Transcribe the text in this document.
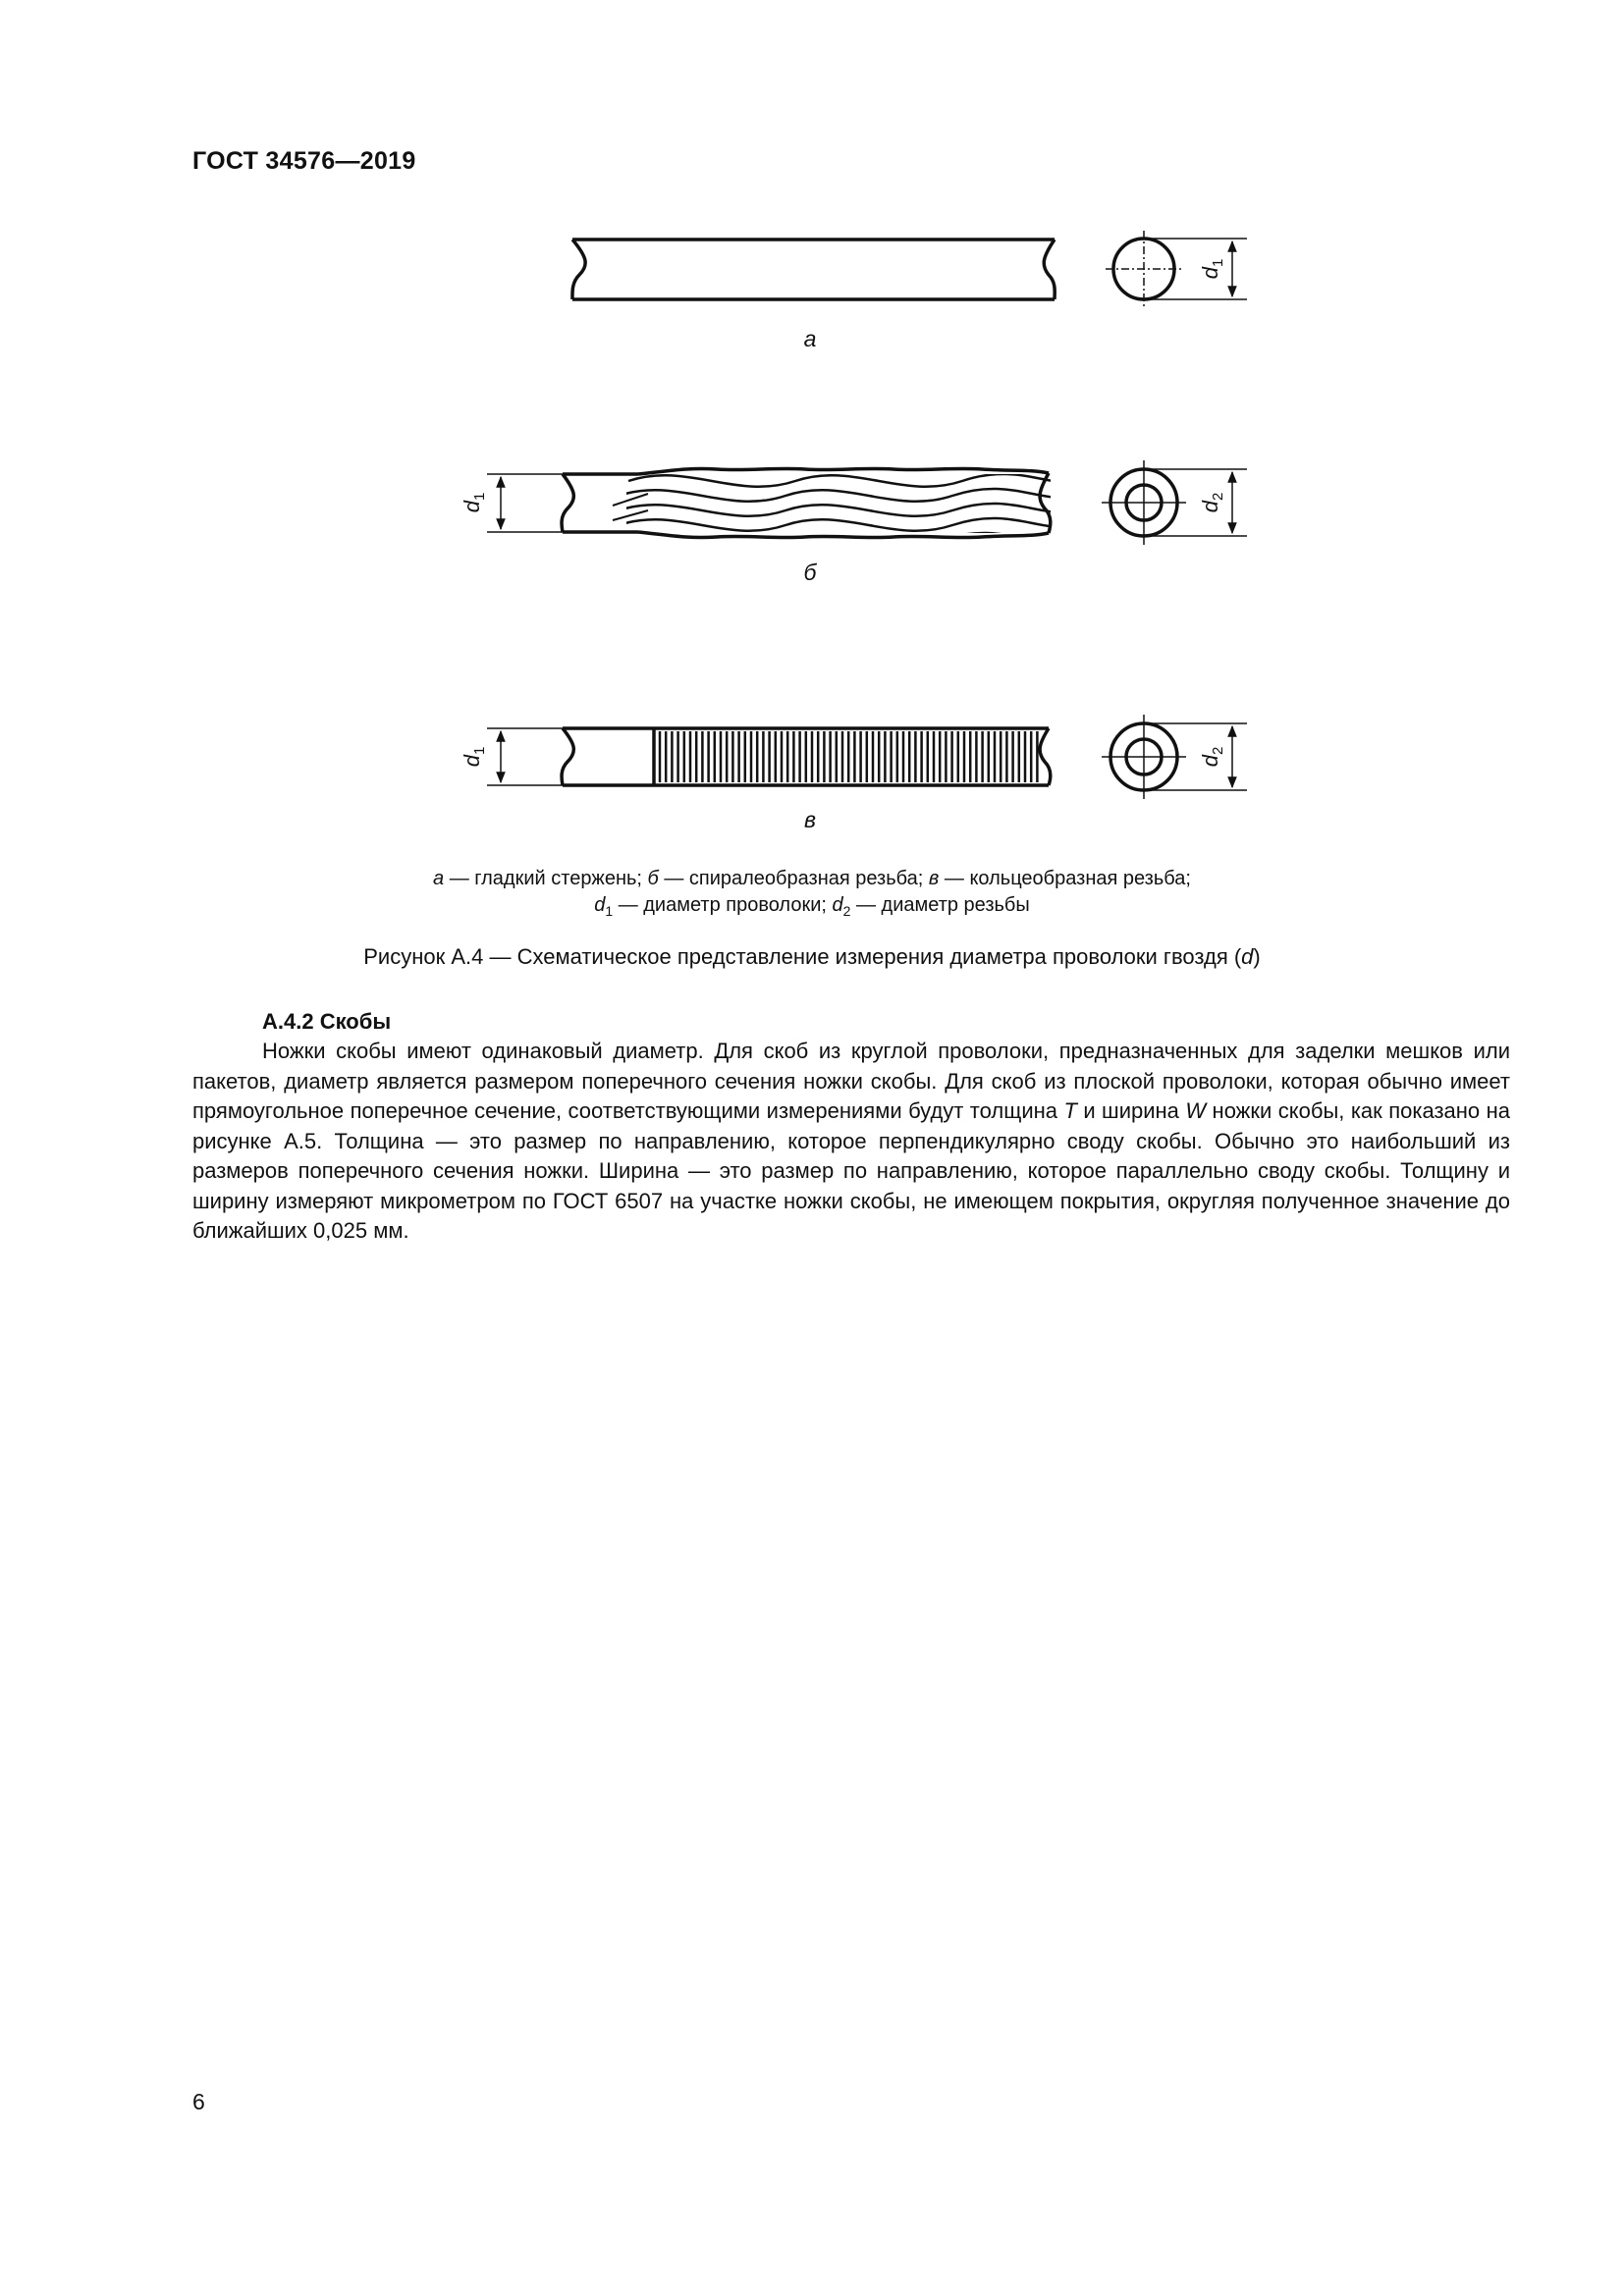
ГОСТ 34576—2019
$d_1$
$d_1$
$d_2$
$d_1$
$d_2$
а
б
в
а — гладкий стержень; б — спиралеобразная резьба; в — кольцеобразная резьба;
$d_1$ — диаметр проволоки; $d_2$ — диаметр резьбы
Рисунок А.4 — Схематическое представление измерения диаметра проволоки гвоздя (d)
А.4.2 Скобы

Ножки скобы имеют одинаковый диаметр. Для скоб из круглой проволоки, предназначенных для заделки мешков или пакетов, диаметр является размером поперечного сечения ножки скобы. Для скоб из плоской проволоки, которая обычно имеет прямоугольное поперечное сечение, соответствующими измерениями будут толщина T и ширина W ножки скобы, как показано на рисунке А.5. Толщина — это размер по направлению, которое перпендикулярно своду скобы. Обычно это наибольший из размеров поперечного сечения ножки. Ширина — это размер по направлению, которое параллельно своду скобы. Толщину и ширину измеряют микрометром по ГОСТ 6507 на участке ножки скобы, не имеющем покрытия, округляя полученное значение до ближайших 0,025 мм.

6
